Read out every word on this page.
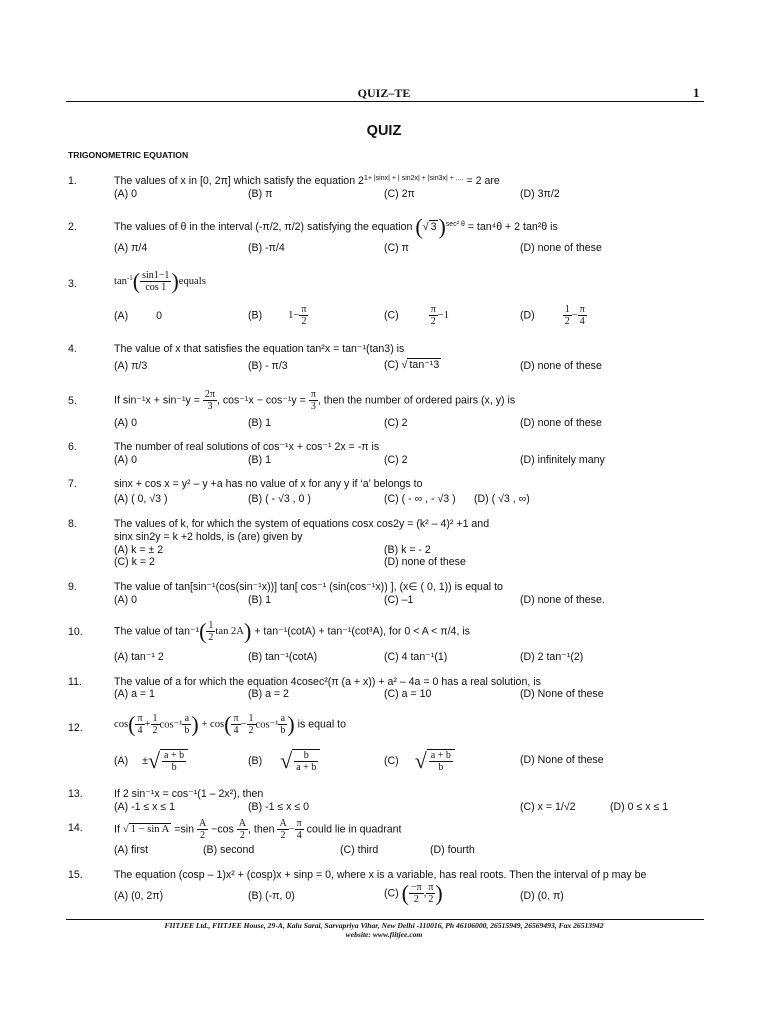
QUIZ–TE	1
QUIZ
TRIGONOMETRIC EQUATION
1.	The values of x in [0, 2π] which satisfy the equation $2^{1+ |sinx| + | sin2x| + |sin3x| + ....} = 2$ are
(A) 0	(B) π	(C) 2π	(D) 3π/2
2.	The values of θ in the interval (-π/2, π/2) satisfying the equation (√ 3)$^{sec^2 \theta}$ = tan⁴θ + 2 tan²θ is
(A) π/4	(B) -π/4	(C) π	(D) none of these
3.	$\tan^{-1}( \frac{\sin 1-1}{\cos 1}$ )equals
(A)	0	(B) $1- \frac{\pi}{2}$	(C)	$\frac{\pi}{2} -1$	(D)	$\frac{1}{2} - \frac{\pi}{4}$
4.	The value of x that satisfies the equation tan²x = tan⁻¹(tan3) is
(A) π/3	(B) - π/3	(C) √ tan⁻¹3	(D) none of these
5.	If $\sin^{-1}x + \sin^{-1}y = \frac{2\pi}{3}$ , $\cos^{-1}x - \cos^{-1}y = \frac{\pi}{3}$ , then the number of ordered pairs (x, y) is
(A) 0	(B) 1	(C) 2	(D) none of these
6.	The number of real solutions of cos⁻¹x + cos⁻¹ 2x = -π is
(A) 0	(B) 1	(C) 2	(D) infinitely many
7.	sinx + cos x = y² – y +a has no value of x for any y if ‘a’ belongs to
(A) ( 0, √3 )	(B) ( - √3 , 0 )	(C) ( - ∞ , - √3 ) (D) ( √3 , ∞)
8.	The values of k, for which the system of equations cosx cos2y = (k² – 4)² +1 and
sinx sin2y = k +2 holds, is (are) given by
(A) k = ± 2	(B) k = - 2
(C) k = 2	(D) none of these
9.	The value of tan[sin⁻¹(cos(sin⁻¹x))] tan[ cos⁻¹ (sin(cos⁻¹x)) ], (x∈ ( 0, 1)) is equal to
(A) 0	(B) 1	(C) –1	(D) none of these.
10.	The value of $\tan^{-1}( \frac{1}{2}$ tan 2A) + tan⁻¹(cotA) + tan⁻¹(cot³A), for 0 < A < π/4, is
(A) tan⁻¹ 2	(B) tan⁻¹(cotA)	(C) 4 tan⁻¹(1)	(D) 2 tan⁻¹(2)
11.	The value of a for which the equation 4cosec²(π (a + x)) + a² – 4a = 0 has a real solution, is
(A) a = 1	(B) a = 2	(C) a = 10	(D) None of these
12.	$\cos( \frac{\pi}{4} + \frac{1}{2} \cos^{-1} \frac{a}{b}$ ) + $\cos( \frac{\pi}{4} - \frac{1}{2} \cos^{-1} \frac{a}{b}$ ) is equal to
(A) ±√ $\frac{a + b}{b}$	(B) √ $\frac{b}{a + b}$	(C) √ $\frac{a + b}{b}$	(D) None of these
13.	If 2 sin⁻¹x = cos⁻¹(1 – 2x²), then
(A) -1 ≤ x ≤ 1	(B) -1 ≤ x ≤ 0	(C) x = 1/√2	(D) 0 ≤ x ≤ 1
14.	If √ $1 - \sin A =\sin \frac{A}{2} -\cos \frac{A}{2}$ , then $\frac{A}{2} - \frac{\pi}{4}$ could lie in quadrant
(A) first	(B) second	(C) third	(D) fourth
15.	The equation (cosp – 1)x² + (cosp)x + sinp = 0, where x is a variable, has real roots. Then the interval of p may be
(A) (0, 2π)	(B) (-π, 0)	(C) ( $\frac{-\pi}{2}$ , $\frac{\pi}{2}$ )	(D) (0, π)
FIITJEE Ltd., FIITJEE House, 29-A, Kalu Sarai, Sarvapriya Vihar, New Delhi -110016, Ph 46106000, 26515949, 26569493, Fax 26513942
website: www.fiitjee.com
